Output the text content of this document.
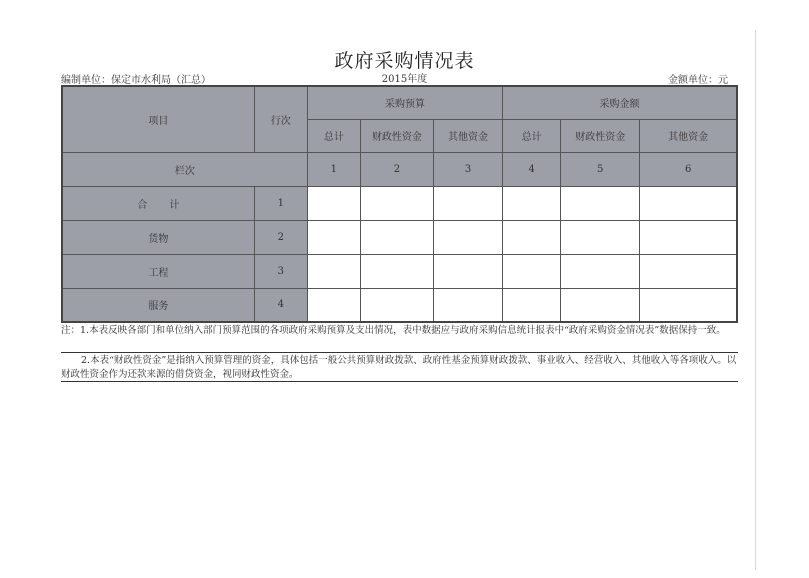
政府采购情况表
2015年度
编制单位：保定市水利局（汇总）	金额单位：元
项目	行次	采购预算			采购金额		
		总计	财政性资金	其他资金	总计	财政性资金	其他资金
栏次		1	2	3	4	5	6
合计	1						
货物	2						
工程	3						
服务	4						

注：1.本表反映各部门和单位纳入部门预算范围的各项政府采购预算及支出情况，表中数据应与政府采购信息统计报表中“政府采购资金情况表”数据保持一致。

2.本表“财政性资金”是指纳入预算管理的资金，具体包括一般公共预算财政拨款、政府性基金预算财政拨款、事业收入、经营收入、其他收入等各项收入。以财政性资金作为还款来源的借贷资金，视同财政性资金。
